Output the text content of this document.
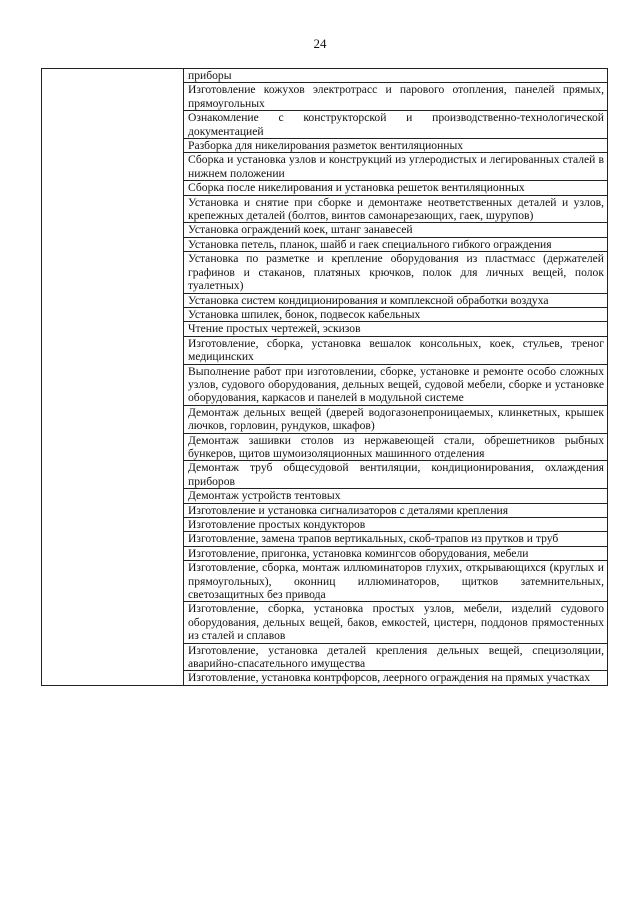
24
	приборы
Изготовление кожухов электротрасс и парового отопления, панелей прямых, прямоугольных
Ознакомление с конструкторской и производственно-технологической документацией
Разборка для никелирования разметок вентиляционных
Сборка и установка узлов и конструкций из углеродистых и легированных сталей в нижнем положении
Сборка после никелирования и установка решеток вентиляционных
Установка и снятие при сборке и демонтаже неответственных деталей и узлов, крепежных деталей (болтов, винтов самонарезающих, гаек, шурупов)
Установка ограждений коек, штанг занавесей
Установка петель, планок, шайб и гаек специального гибкого ограждения
Установка по разметке и крепление оборудования из пластмасс (держателей графинов и стаканов, платяных крючков, полок для личных вещей, полок туалетных)
Установка систем кондиционирования и комплексной обработки воздуха
Установка шпилек, бонок, подвесок кабельных
Чтение простых чертежей, эскизов
Изготовление, сборка, установка вешалок консольных, коек, стульев, треног медицинских
Выполнение работ при изготовлении, сборке, установке и ремонте особо сложных узлов, судового оборудования, дельных вещей, судовой мебели, сборке и установке оборудования, каркасов и панелей в модульной системе
Демонтаж дельных вещей (дверей водогазонепроницаемых, клинкетных, крышек лючков, горловин, рундуков, шкафов)
Демонтаж зашивки столов из нержавеющей стали, обрешетников рыбных бункеров, щитов шумоизоляционных машинного отделения
Демонтаж труб общесудовой вентиляции, кондиционирования, охлаждения приборов
Демонтаж устройств тентовых
Изготовление и установка сигнализаторов с деталями крепления
Изготовление простых кондукторов
Изготовление, замена трапов вертикальных, скоб-трапов из прутков и труб
Изготовление, пригонка, установка комингсов оборудования, мебели
Изготовление, сборка, монтаж иллюминаторов глухих, открывающихся (круглых и прямоугольных), оконниц иллюминаторов, щитков затемнительных, светозащитных без привода
Изготовление, сборка, установка простых узлов, мебели, изделий судового оборудования, дельных вещей, баков, емкостей, цистерн, поддонов прямостенных из сталей и сплавов
Изготовление, установка деталей крепления дельных вещей, специзоляции, аварийно-спасательного имущества
Изготовление, установка контрфорсов, леерного ограждения на прямых участках
